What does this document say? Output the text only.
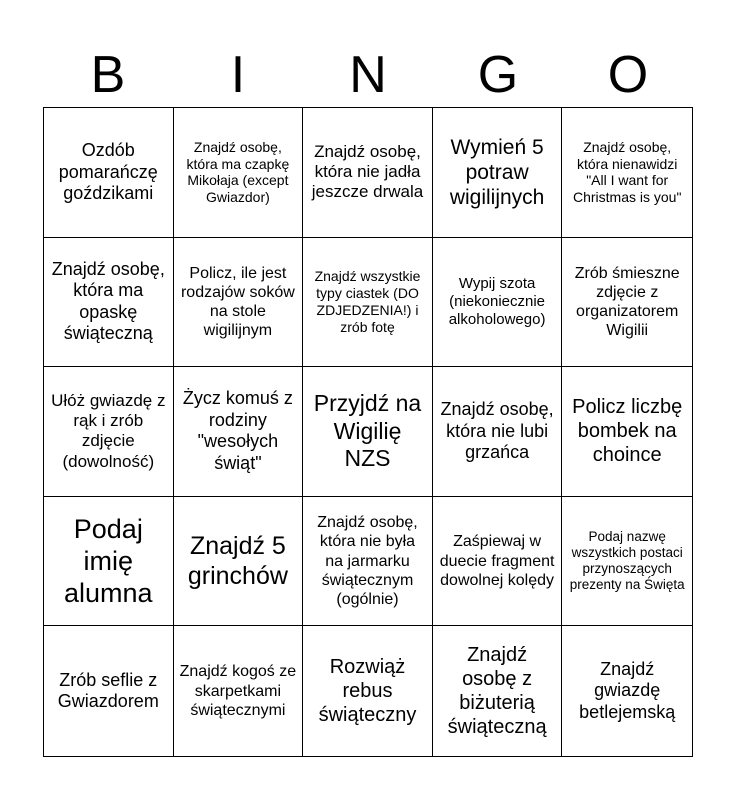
B	I	N	G	O
Ozdób pomarańczę goździkami
Znajdź osobę, która ma czapkę Mikołaja (except Gwiazdor)
Znajdź osobę, która nie jadła jeszcze drwala
Wymień 5 potraw wigilijnych
Znajdź osobę, która nienawidzi "All I want for Christmas is you"
Znajdź osobę, która ma opaskę świąteczną
Policz, ile jest rodzajów soków na stole wigilijnym
Znajdź wszystkie typy ciastek (DO ZDJEDZENIA!) i zrób fotę
Wypij szota (niekoniecznie alkoholowego)
Zrób śmieszne zdjęcie z organizatorem Wigilii
Ułóż gwiazdę z rąk i zrób zdjęcie (dowolność)
Życz komuś z rodziny "wesołych świąt"
Przyjdź na Wigilię NZS
Znajdź osobę, która nie lubi grzańca
Policz liczbę bombek na choince
Podaj imię alumna
Znajdź 5 grinchów
Znajdź osobę, która nie była na jarmarku świątecznym (ogólnie)
Zaśpiewaj w duecie fragment dowolnej kolędy
Podaj nazwę wszystkich postaci przynoszących prezenty na Święta
Zrób seflie z Gwiazdorem
Znajdź kogoś ze skarpetkami świątecznymi
Rozwiąż rebus świąteczny
Znajdź osobę z biżuterią świąteczną
Znajdź gwiazdę betlejemską
